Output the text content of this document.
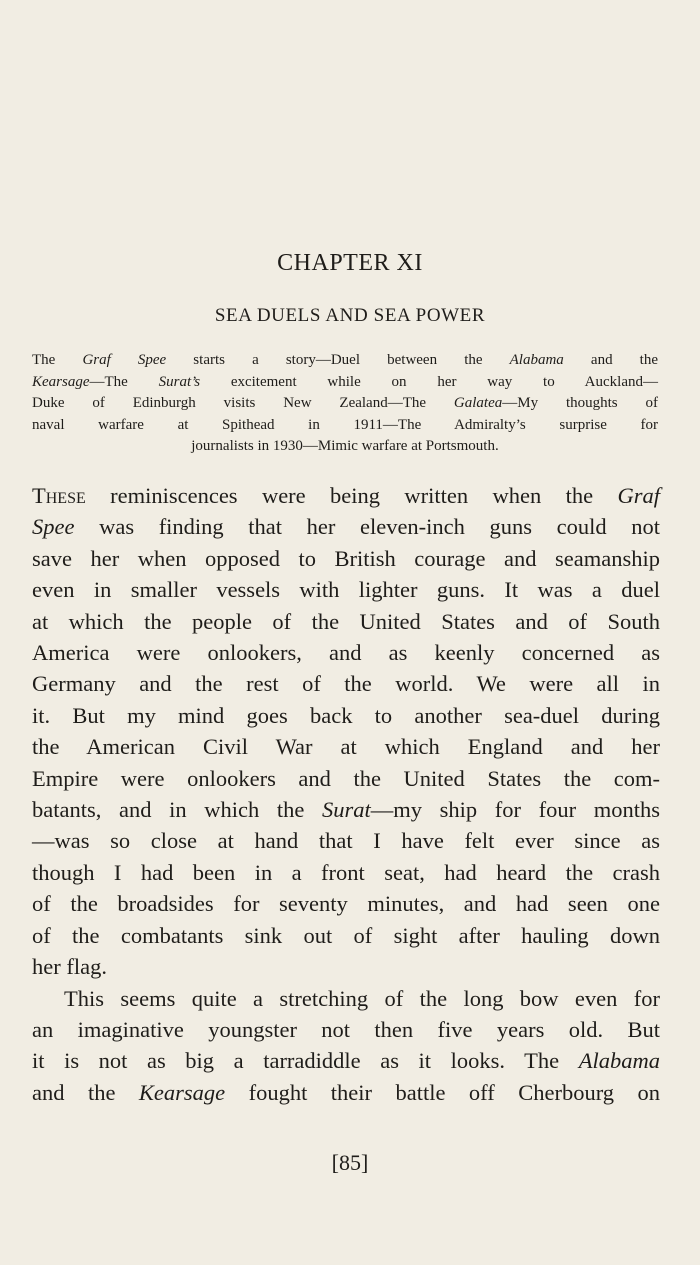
CHAPTER XI
SEA DUELS AND SEA POWER
The Graf Spee starts a story—Duel between the Alabama and the
Kearsage—The Surat’s excitement while on her way to Auckland—
Duke of Edinburgh visits New Zealand—The Galatea—My thoughts of
naval warfare at Spithead in 1911—The Admiralty’s surprise for
journalists in 1930—Mimic warfare at Portsmouth.
These reminiscences were being written when the Graf
Spee was finding that her eleven-inch guns could not
save her when opposed to British courage and seamanship
even in smaller vessels with lighter guns. It was a duel
at which the people of the United States and of South
America were onlookers, and as keenly concerned as
Germany and the rest of the world. We were all in
it. But my mind goes back to another sea-duel during
the American Civil War at which England and her
Empire were onlookers and the United States the com-
batants, and in which the Surat—my ship for four months
—was so close at hand that I have felt ever since as
though I had been in a front seat, had heard the crash
of the broadsides for seventy minutes, and had seen one
of the combatants sink out of sight after hauling down
her flag.
This seems quite a stretching of the long bow even for
an imaginative youngster not then five years old. But
it is not as big a tarradiddle as it looks. The Alabama
and the Kearsage fought their battle off Cherbourg on
[85]
